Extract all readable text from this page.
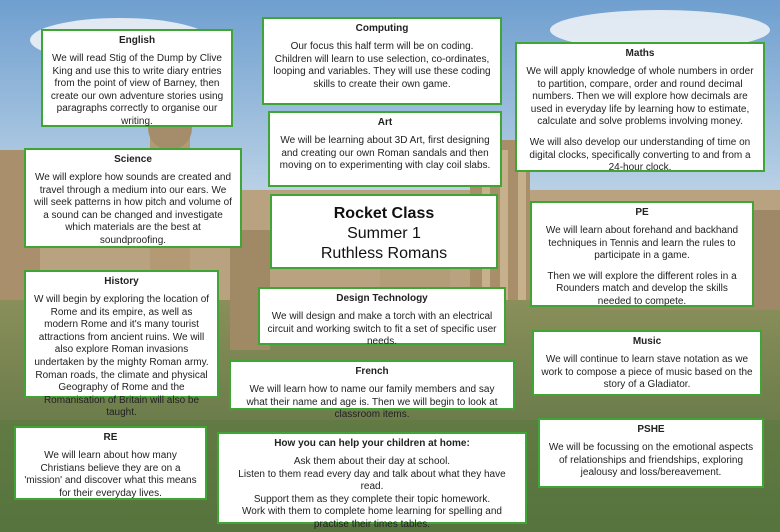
English

We will read Stig of the Dump by Clive King and use this to write diary entries from the point of view of Barney, then create our own adventure stories using paragraphs correctly to organise our writing.

Computing

Our focus this half term will be on coding. Children will learn to use selection, co-ordinates, looping and variables. They will use these coding skills to create their own game.

Maths

We will apply knowledge of whole numbers in order to partition, compare, order and round decimal numbers. Then we will explore how decimals are used in everyday life by learning how to estimate, calculate and solve problems involving money.

We will also develop our understanding of time on digital clocks, specifically converting to and from a 24-hour clock.

Art

We will be learning about 3D Art, first designing and creating our own Roman sandals and then moving on to experimenting with clay coil slabs.

Science

We will explore how sounds are created and travel through a medium into our ears. We will seek patterns in how pitch and volume of a sound can be changed and investigate which materials are the best at soundproofing.

Rocket Class
Summer 1
Ruthless Romans
PE

We will learn about forehand and backhand techniques in Tennis and learn the rules to participate in a game.

Then we will explore the different roles in a Rounders match and develop the skills needed to compete.

History

W will begin by exploring the location of Rome and its empire, as well as modern Rome and it's many tourist attractions from ancient ruins. We will also explore Roman invasions undertaken by the mighty Roman army. Roman roads, the climate and physical Geography of Rome and the Romanisation of Britain will also be taught.

Design Technology

We will design and make a torch with an electrical circuit and working switch to fit a set of specific user needs.	Music

We will continue to learn stave notation as we work to compose a piece of music based on the story of a Gladiator.

French

We will learn how to name our family members and say what their name and age is. Then we will begin to look at classroom items.

RE

We will learn about how many Christians believe they are on a 'mission' and discover what this means for their everyday lives.

How you can help your children at home:

Ask them about their day at school.

Listen to them read every day and talk about what they have read.

Support them as they complete their topic homework.

Work with them to complete home learning for spelling and practise their times tables.

PSHE

We will be focussing on the emotional aspects of relationships and friendships, exploring jealousy and loss/bereavement.
